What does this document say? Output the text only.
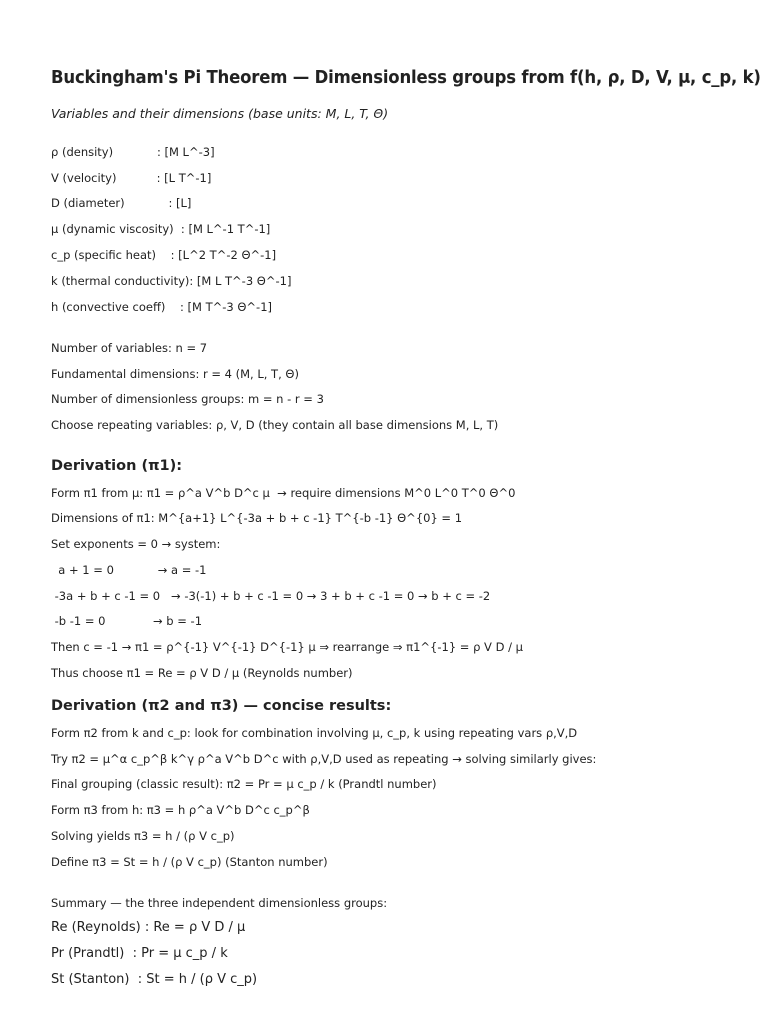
Buckingham's Pi Theorem — Dimensionless groups from f(h, ρ, D, V, μ, c_p, k)
Variables and their dimensions (base units: M, L, T, Θ)
ρ (density)            : [M L^-3]
V (velocity)           : [L T^-1]
D (diameter)            : [L]
μ (dynamic viscosity)  : [M L^-1 T^-1]
c_p (specific heat)    : [L^2 T^-2 Θ^-1]
k (thermal conductivity): [M L T^-3 Θ^-1]
h (convective coeff)    : [M T^-3 Θ^-1]
Number of variables: n = 7
Fundamental dimensions: r = 4 (M, L, T, Θ)
Number of dimensionless groups: m = n - r = 3
Choose repeating variables: ρ, V, D (they contain all base dimensions M, L, T)
Derivation (π1):
Form π1 from μ: π1 = ρ^a V^b D^c μ  → require dimensions M^0 L^0 T^0 Θ^0
Dimensions of π1: M^{a+1} L^{-3a + b + c -1} T^{-b -1} Θ^{0} = 1
Set exponents = 0 → system:
a + 1 = 0            → a = -1
-3a + b + c -1 = 0   → -3(-1) + b + c -1 = 0 → 3 + b + c -1 = 0 → b + c = -2
-b -1 = 0             → b = -1
Then c = -1 → π1 = ρ^{-1} V^{-1} D^{-1} μ ⇒ rearrange ⇒ π1^{-1} = ρ V D / μ
Thus choose π1 = Re = ρ V D / μ (Reynolds number)
Derivation (π2 and π3) — concise results:
Form π2 from k and c_p: look for combination involving μ, c_p, k using repeating vars ρ,V,D
Try π2 = μ^α c_p^β k^γ ρ^a V^b D^c with ρ,V,D used as repeating → solving similarly gives:
Final grouping (classic result): π2 = Pr = μ c_p / k (Prandtl number)
Form π3 from h: π3 = h ρ^a V^b D^c c_p^β
Solving yields π3 = h / (ρ V c_p)
Define π3 = St = h / (ρ V c_p) (Stanton number)
Summary — the three independent dimensionless groups:
Re (Reynolds) : Re = ρ V D / μ
Pr (Prandtl)  : Pr = μ c_p / k
St (Stanton)  : St = h / (ρ V c_p)
